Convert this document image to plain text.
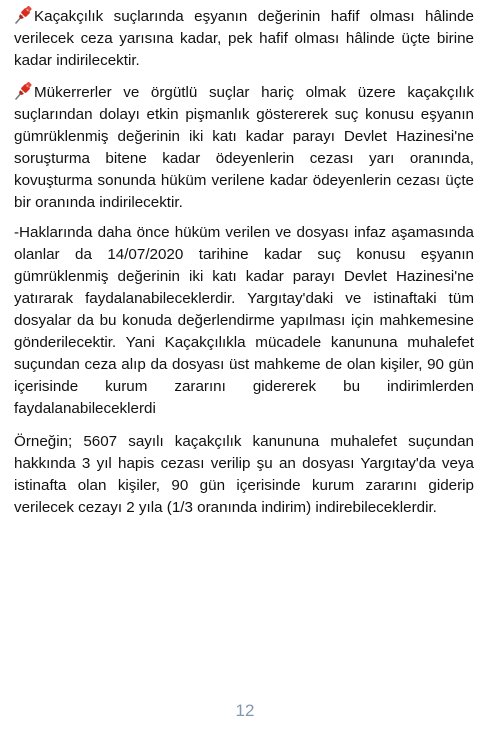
Kaçakçılık suçlarında eşyanın değerinin hafif olması hâlinde verilecek ceza yarısına kadar, pek hafif olması hâlinde üçte birine kadar indirilecektir.

Mükerrerler ve örgütlü suçlar hariç olmak üzere kaçakçılık suçlarından dolayı etkin pişmanlık göstererek suç konusu eşyanın gümrüklenmiş değerinin iki katı kadar parayı Devlet Hazinesi'ne soruşturma bitene kadar ödeyenlerin cezası yarı oranında, kovuşturma sonunda hüküm verilene kadar ödeyenlerin cezası üçte bir oranında indirilecektir.

-Haklarında daha önce hüküm verilen ve dosyası infaz aşamasında olanlar da 14/07/2020 tarihine kadar suç konusu eşyanın gümrüklenmiş değerinin iki katı kadar parayı Devlet Hazinesi'ne yatırarak faydalanabileceklerdir. Yargıtay'daki ve istinaftaki tüm dosyalar da bu konuda değerlendirme yapılması için mahkemesine gönderilecektir. Yani Kaçakçılıkla mücadele kanununa muhalefet suçundan ceza alıp da dosyası üst mahkeme de olan kişiler, 90 gün içerisinde kurum zararını gidererek bu indirimlerden faydalanabileceklerdi

Örneğin; 5607 sayılı kaçakçılık kanununa muhalefet suçundan hakkında 3 yıl hapis cezası verilip şu an dosyası Yargıtay'da veya istinafta olan kişiler, 90 gün içerisinde kurum zararını giderip verilecek cezayı 2 yıla (1/3 oranında indirim) indirebileceklerdir.

12
